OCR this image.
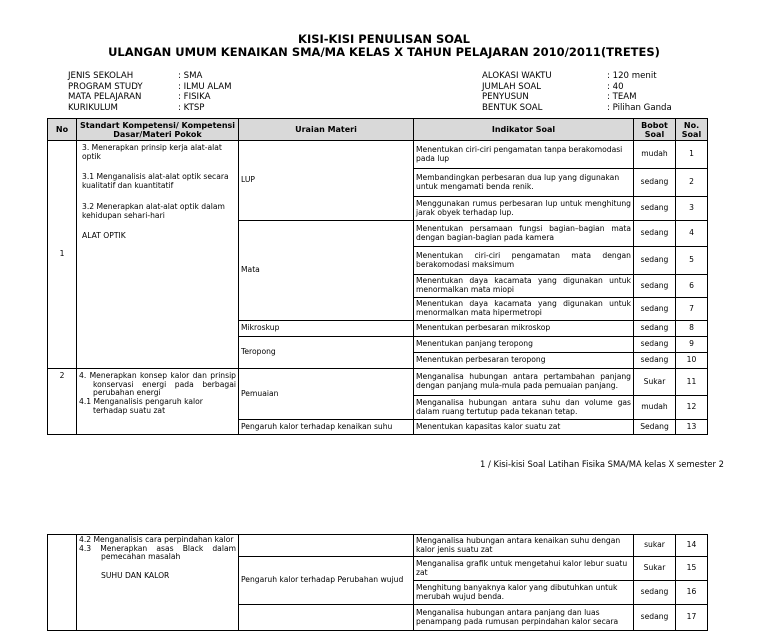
KISI-KISI PENULISAN SOAL
ULANGAN UMUM KENAIKAN SMA/MA KELAS X TAHUN PELAJARAN 2010/2011(TRETES)
JENIS SEKOLAH	: SMA
PROGRAM STUDY	: ILMU ALAM
MATA PELAJARAN	: FISIKA
KURIKULUM	: KTSP
ALOKASI WAKTU	: 120 menit
JUMLAH SOAL	: 40
PENYUSUN	: TEAM
BENTUK SOAL	: Pilihan Ganda
No	Standart Kompetensi/ Kompetensi Dasar/Materi Pokok	Uraian Materi	Indikator Soal	Bobot Soal	No. Soal
1	3. Menerapkan prinsip kerja alat-alat optik

3.1 Menganalisis alat-alat optik secara kualitatif dan kuantitatif

3.2 Menerapkan alat-alat optik dalam kehidupan sehari-hari

ALAT OPTIK	LUP	Menentukan ciri-ciri pengamatan tanpa berakomodasi pada lup	mudah	1
			Membandingkan perbesaran dua lup yang digunakan untuk mengamati benda renik.	sedang	2
			Menggunakan rumus perbesaran lup untuk menghitung jarak obyek terhadap lup.	sedang	3
		Mata	Menentukan persamaan fungsi bagian–bagian mata dengan bagian-bagian pada kamera	sedang	4
			Menentukan ciri-ciri pengamatan mata dengan berakomodasi maksimum	sedang	5
			Menentukan daya kacamata yang digunakan untuk menormalkan mata miopi	sedang	6
			Menentukan daya kacamata yang digunakan untuk menormalkan mata hipermetropi	sedang	7
		Mikroskup	Menentukan perbesaran mikroskop	sedang	8
		Teropong	Menentukan panjang teropong	sedang	9
			Menentukan perbesaran teropong	sedang	10
2	4. Menerapkan konsep kalor dan prinsip konservasi energi pada berbagai perubahan energi

4.1 Menganalisis pengaruh kalor terhadap suatu zat	Pemuaian	Menganalisa hubungan antara pertambahan panjang dengan panjang mula-mula pada pemuaian panjang.	Sukar	11
			Menganalisa hubungan antara suhu dan volume gas dalam ruang tertutup pada tekanan tetap.	mudah	12
		Pengaruh kalor terhadap kenaikan suhu	Menentukan kapasitas kalor suatu zat	Sedang	13
1 / Kisi-kisi Soal Latihan Fisika SMA/MA kelas X semester 2

	4.2 Menganalisis cara perpindahan kalor

4.3 Menerapkan asas Black dalam pemecahan masalah

SUHU DAN KALOR		Menganalisa hubungan antara kenaikan suhu dengan kalor jenis suatu zat	sukar	14
		Pengaruh kalor terhadap Perubahan wujud	Menganalisa grafik untuk mengetahui kalor lebur suatu zat	Sukar	15
			Menghitung banyaknya kalor yang dibutuhkan untuk merubah wujud benda.	sedang	16
			Menganalisa hubungan antara panjang dan luas penampang pada rumusan perpindahan kalor secara	sedang	17
